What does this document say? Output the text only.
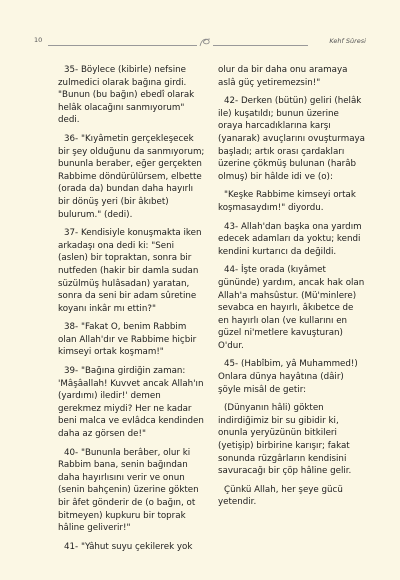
10	Kehf Sûresi

35- Böylece (kibirle) nefsine zulmedici olarak bağına girdi. "Bunun (bu bağın) ebedî olarak helâk olacağını sanmıyorum" dedi.

36- "Kıyâmetin gerçekleşecek bir şey olduğunu da sanmıyorum; bununla beraber, eğer gerçekten Rabbime döndürülürsem, elbette (orada da) bundan daha hayırlı bir dönüş yeri (bir âkıbet) bulurum." (dedi).

37- Kendisiyle konuşmakta iken arkadaşı ona dedi ki: "Seni (aslen) bir topraktan, sonra bir nutfeden (hakir bir damla sudan süzülmüş hulâsadan) yaratan, sonra da seni bir adam sûretine koyanı inkâr mı ettin?"

38- "Fakat O, benim Rabbim olan Allah'dır ve Rabbime hiçbir kimseyi ortak koşmam!"

39- "Bağına girdiğin zaman: 'Mâşâallah! Kuvvet ancak Allah'ın (yardımı) iledir!' demen gerekmez miydi? Her ne kadar beni malca ve evlâdca kendinden daha az görsen de!"

40- "Bununla berâber, olur ki Rabbim bana, senin bağından daha hayırlısını verir ve onun (senin bahçenin) üzerine gökten bir âfet gönderir de (o bağın, ot bitmeyen) kupkuru bir toprak hâline geliverir!"

41- "Yâhut suyu çekilerek yok

olur da bir daha onu aramaya aslâ güç yetiremezsin!"

42- Derken (bütün) geliri (helâk ile) kuşatıldı; bunun üzerine oraya harcadıklarına karşı (yanarak) avuçlarını ovuşturmaya başladı; artık orası çardakları üzerine çökmüş bulunan (harâb olmuş) bir hâlde idi ve (o):

"Keşke Rabbime kimseyi ortak koşmasaydım!" diyordu.

43- Allah'dan başka ona yardım edecek adamları da yoktu; kendi kendini kurtarıcı da değildi.

44- İşte orada (kıyâmet gününde) yardım, ancak hak olan Allah'a mahsûstur. (Mü'minlere) sevabca en hayırlı, âkıbetce de en hayırlı olan (ve kullarını en güzel ni'metlere kavuşturan) O'dur.

45- (Habîbim, yâ Muhammed!) Onlara dünya hayâtına (dâir) şöyle misâl de getir:

(Dünyanın hâli) gökten indirdiğimiz bir su gibidir ki, onunla yeryüzünün bitkileri (yetişip) birbirine karışır; fakat sonunda rüzgârların kendisini savuracağı bir çöp hâline gelir.

Çünkü Allah, her şeye gücü yetendir.
